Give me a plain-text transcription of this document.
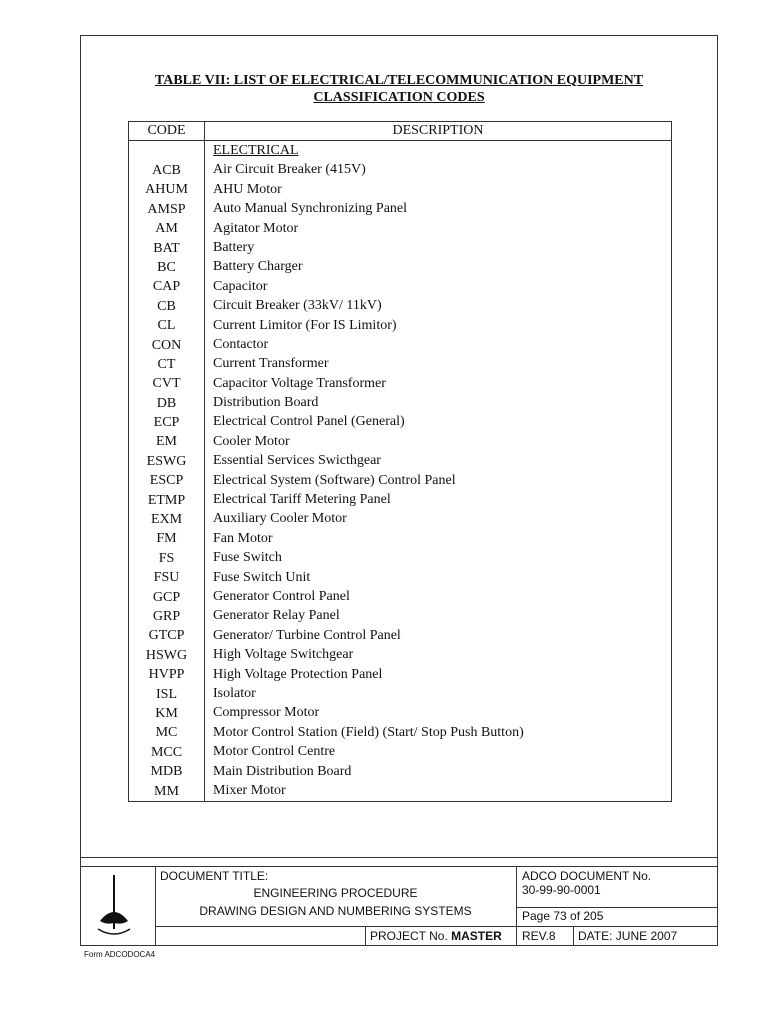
TABLE VII: LIST OF ELECTRICAL/TELECOMMUNICATION EQUIPMENT
CLASSIFICATION CODES
CODE	DESCRIPTION
ACB
AHUM
AMSP
AM
BAT
BC
CAP
CB
CL
CON
CT
CVT
DB
ECP
EM
ESWG
ESCP
ETMP
EXM
FM
FS
FSU
GCP
GRP
GTCP
HSWG
HVPP
ISL
KM
MC
MCC
MDB
MM
ELECTRICAL
Air Circuit Breaker (415V)
AHU Motor
Auto Manual Synchronizing Panel
Agitator Motor
Battery
Battery Charger
Capacitor
Circuit Breaker (33kV/ 11kV)
Current Limitor (For IS Limitor)
Contactor
Current Transformer
Capacitor Voltage Transformer
Distribution Board
Electrical Control Panel (General)
Cooler Motor
Essential Services Swicthgear
Electrical System (Software) Control Panel
Electrical Tariff Metering Panel
Auxiliary Cooler Motor
Fan Motor
Fuse Switch
Fuse Switch Unit
Generator Control Panel
Generator Relay Panel
Generator/ Turbine Control Panel
High Voltage Switchgear
High Voltage Protection Panel
Isolator
Compressor Motor
Motor Control Station (Field) (Start/ Stop Push Button)
Motor Control Centre
Main Distribution Board
Mixer Motor
DOCUMENT TITLE:
ENGINEERING PROCEDURE
DRAWING DESIGN AND NUMBERING SYSTEMS
ADCO DOCUMENT No.
30-99-90-0001
Page 73 of 205
PROJECT No. MASTER REV.8 DATE: JUNE 2007
Form ADCODOCA4
